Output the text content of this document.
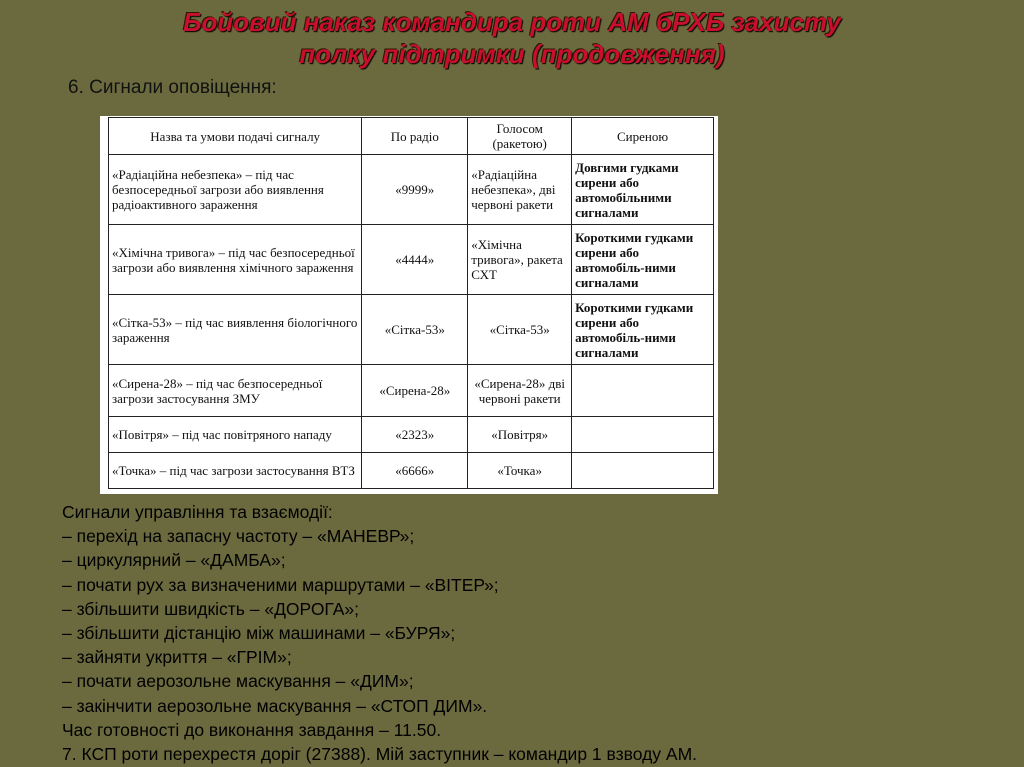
Бойовий наказ командира роти АМ бРХБ захисту
полку підтримки (продовження)
6. Сигнали оповіщення:
Назва та умови подачі сигналу	По радіо	Голосом (ракетою)	Сиреною
«Радіаційна небезпека» – під час безпосередньої загрози або виявлення радіоактивного зараження	«9999»	«Радіаційна небезпека», дві червоні ракети	Довгими гудками сирени або автомобільними сигналами
«Хімічна тривога» – під час безпосередньої загрози або виявлення хімічного зараження	«4444»	«Хімічна тривога», ракета СХТ	Короткими гудками сирени або автомобіль-ними сигналами
«Сітка-53» – під час виявлення біологічного зараження	«Сітка-53»	«Сітка-53»	Короткими гудками сирени або автомобіль-ними сигналами
«Сирена-28» – під час безпосередньої загрози застосування ЗМУ	«Сирена-28»	«Сирена-28» дві червоні ракети	
«Повітря» – під час повітряного нападу	«2323»	«Повітря»	
«Точка» – під час загрози застосування ВТЗ	«6666»	«Точка»	
Сигнали управління та взаємодії:
– перехід на запасну частоту – «МАНЕВР»;
– циркулярний – «ДАМБА»;
– почати рух за визначеними маршрутами – «ВІТЕР»;
– збільшити швидкість – «ДОРОГА»;
– збільшити дістанцію між машинами – «БУРЯ»;
– зайняти укриття – «ГРІМ»;
– почати аерозольне маскування – «ДИМ»;
– закінчити аерозольне маскування – «СТОП ДИМ».
Час готовності до виконання завдання – 11.50.
7. КСП роти перехрестя доріг (27388). Мій заступник – командир 1 взводу АМ.
